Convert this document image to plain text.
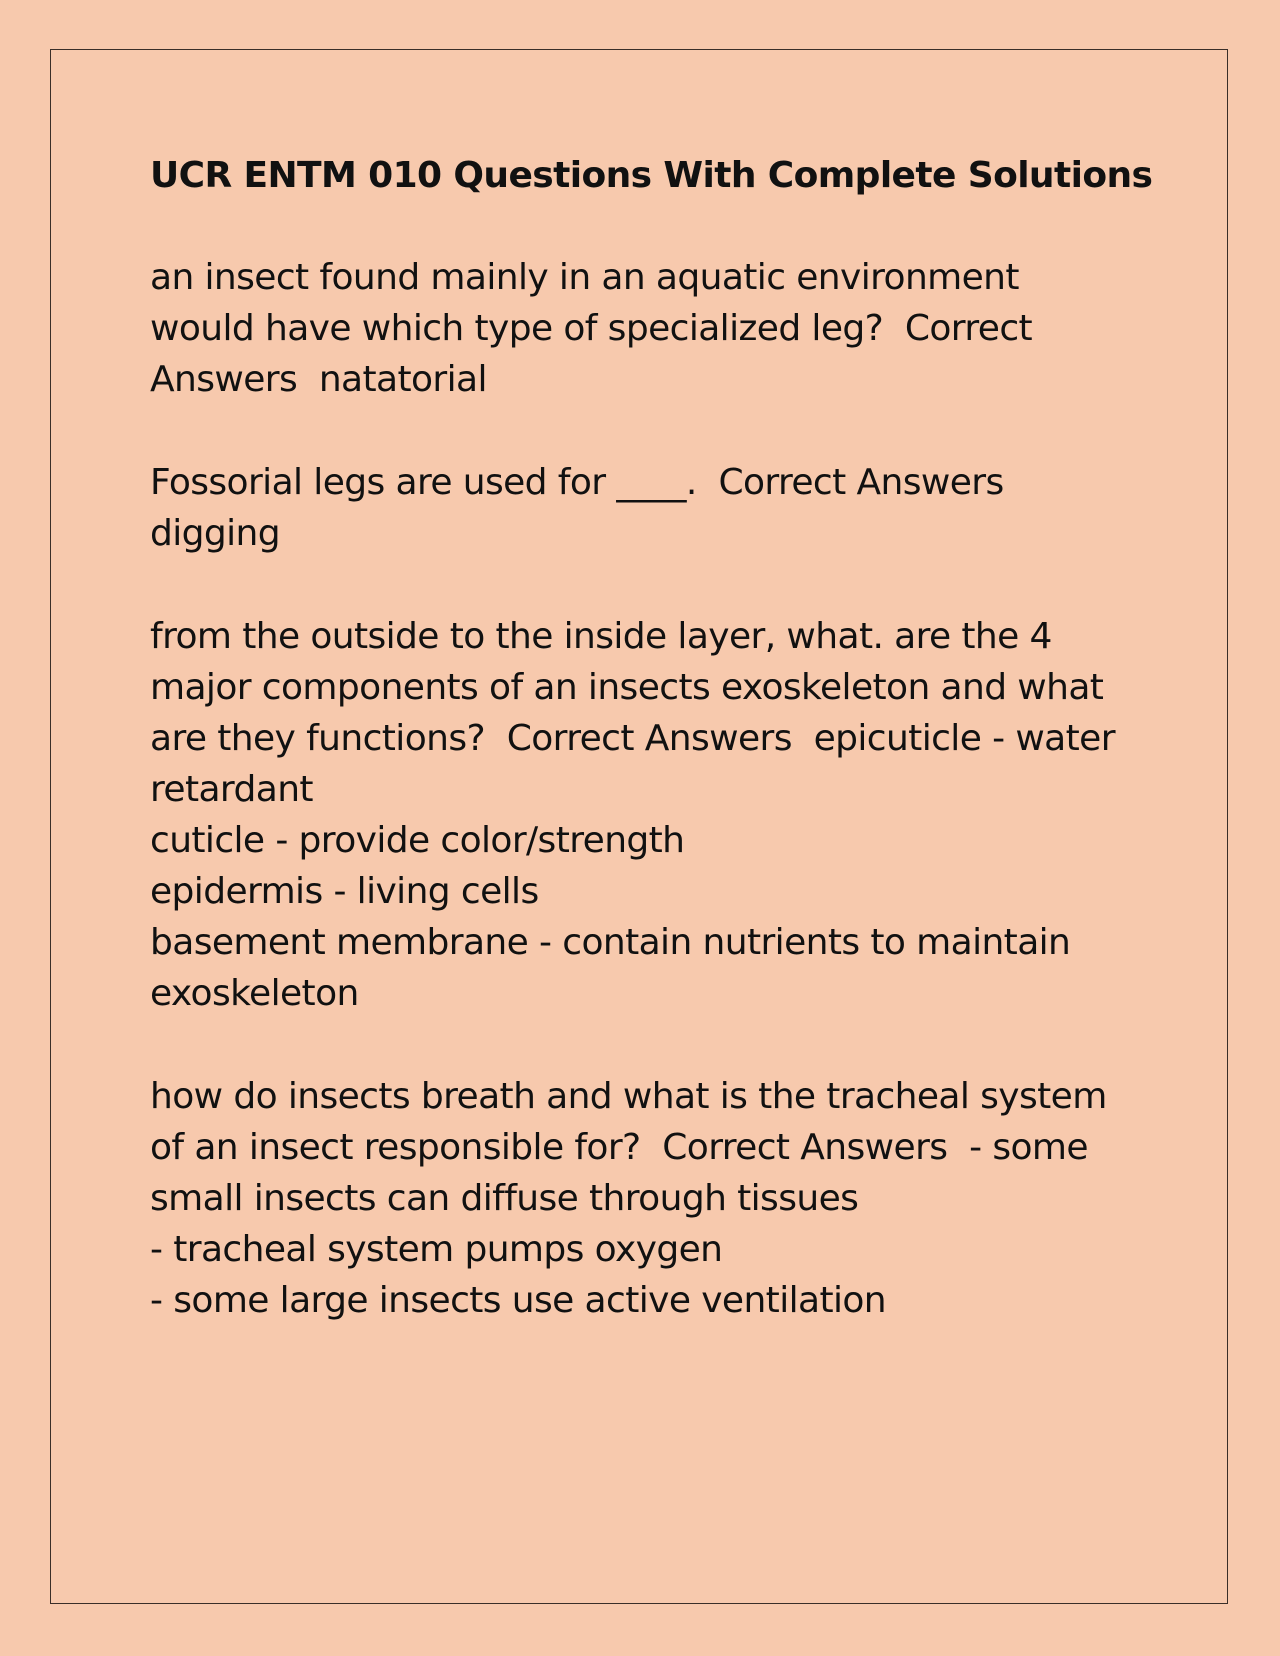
UCR ENTM 010 Questions With Complete Solutions
an insect found mainly in an aquatic environment
would have which type of specialized leg?  Correct
Answers  natatorial
Fossorial legs are used for ____.  Correct Answers
digging
from the outside to the inside layer, what. are the 4
major components of an insects exoskeleton and what
are they functions?  Correct Answers  epicuticle - water
retardant
cuticle - provide color/strength
epidermis - living cells
basement membrane - contain nutrients to maintain
exoskeleton
how do insects breath and what is the tracheal system
of an insect responsible for?  Correct Answers  - some
small insects can diffuse through tissues
- tracheal system pumps oxygen
- some large insects use active ventilation
